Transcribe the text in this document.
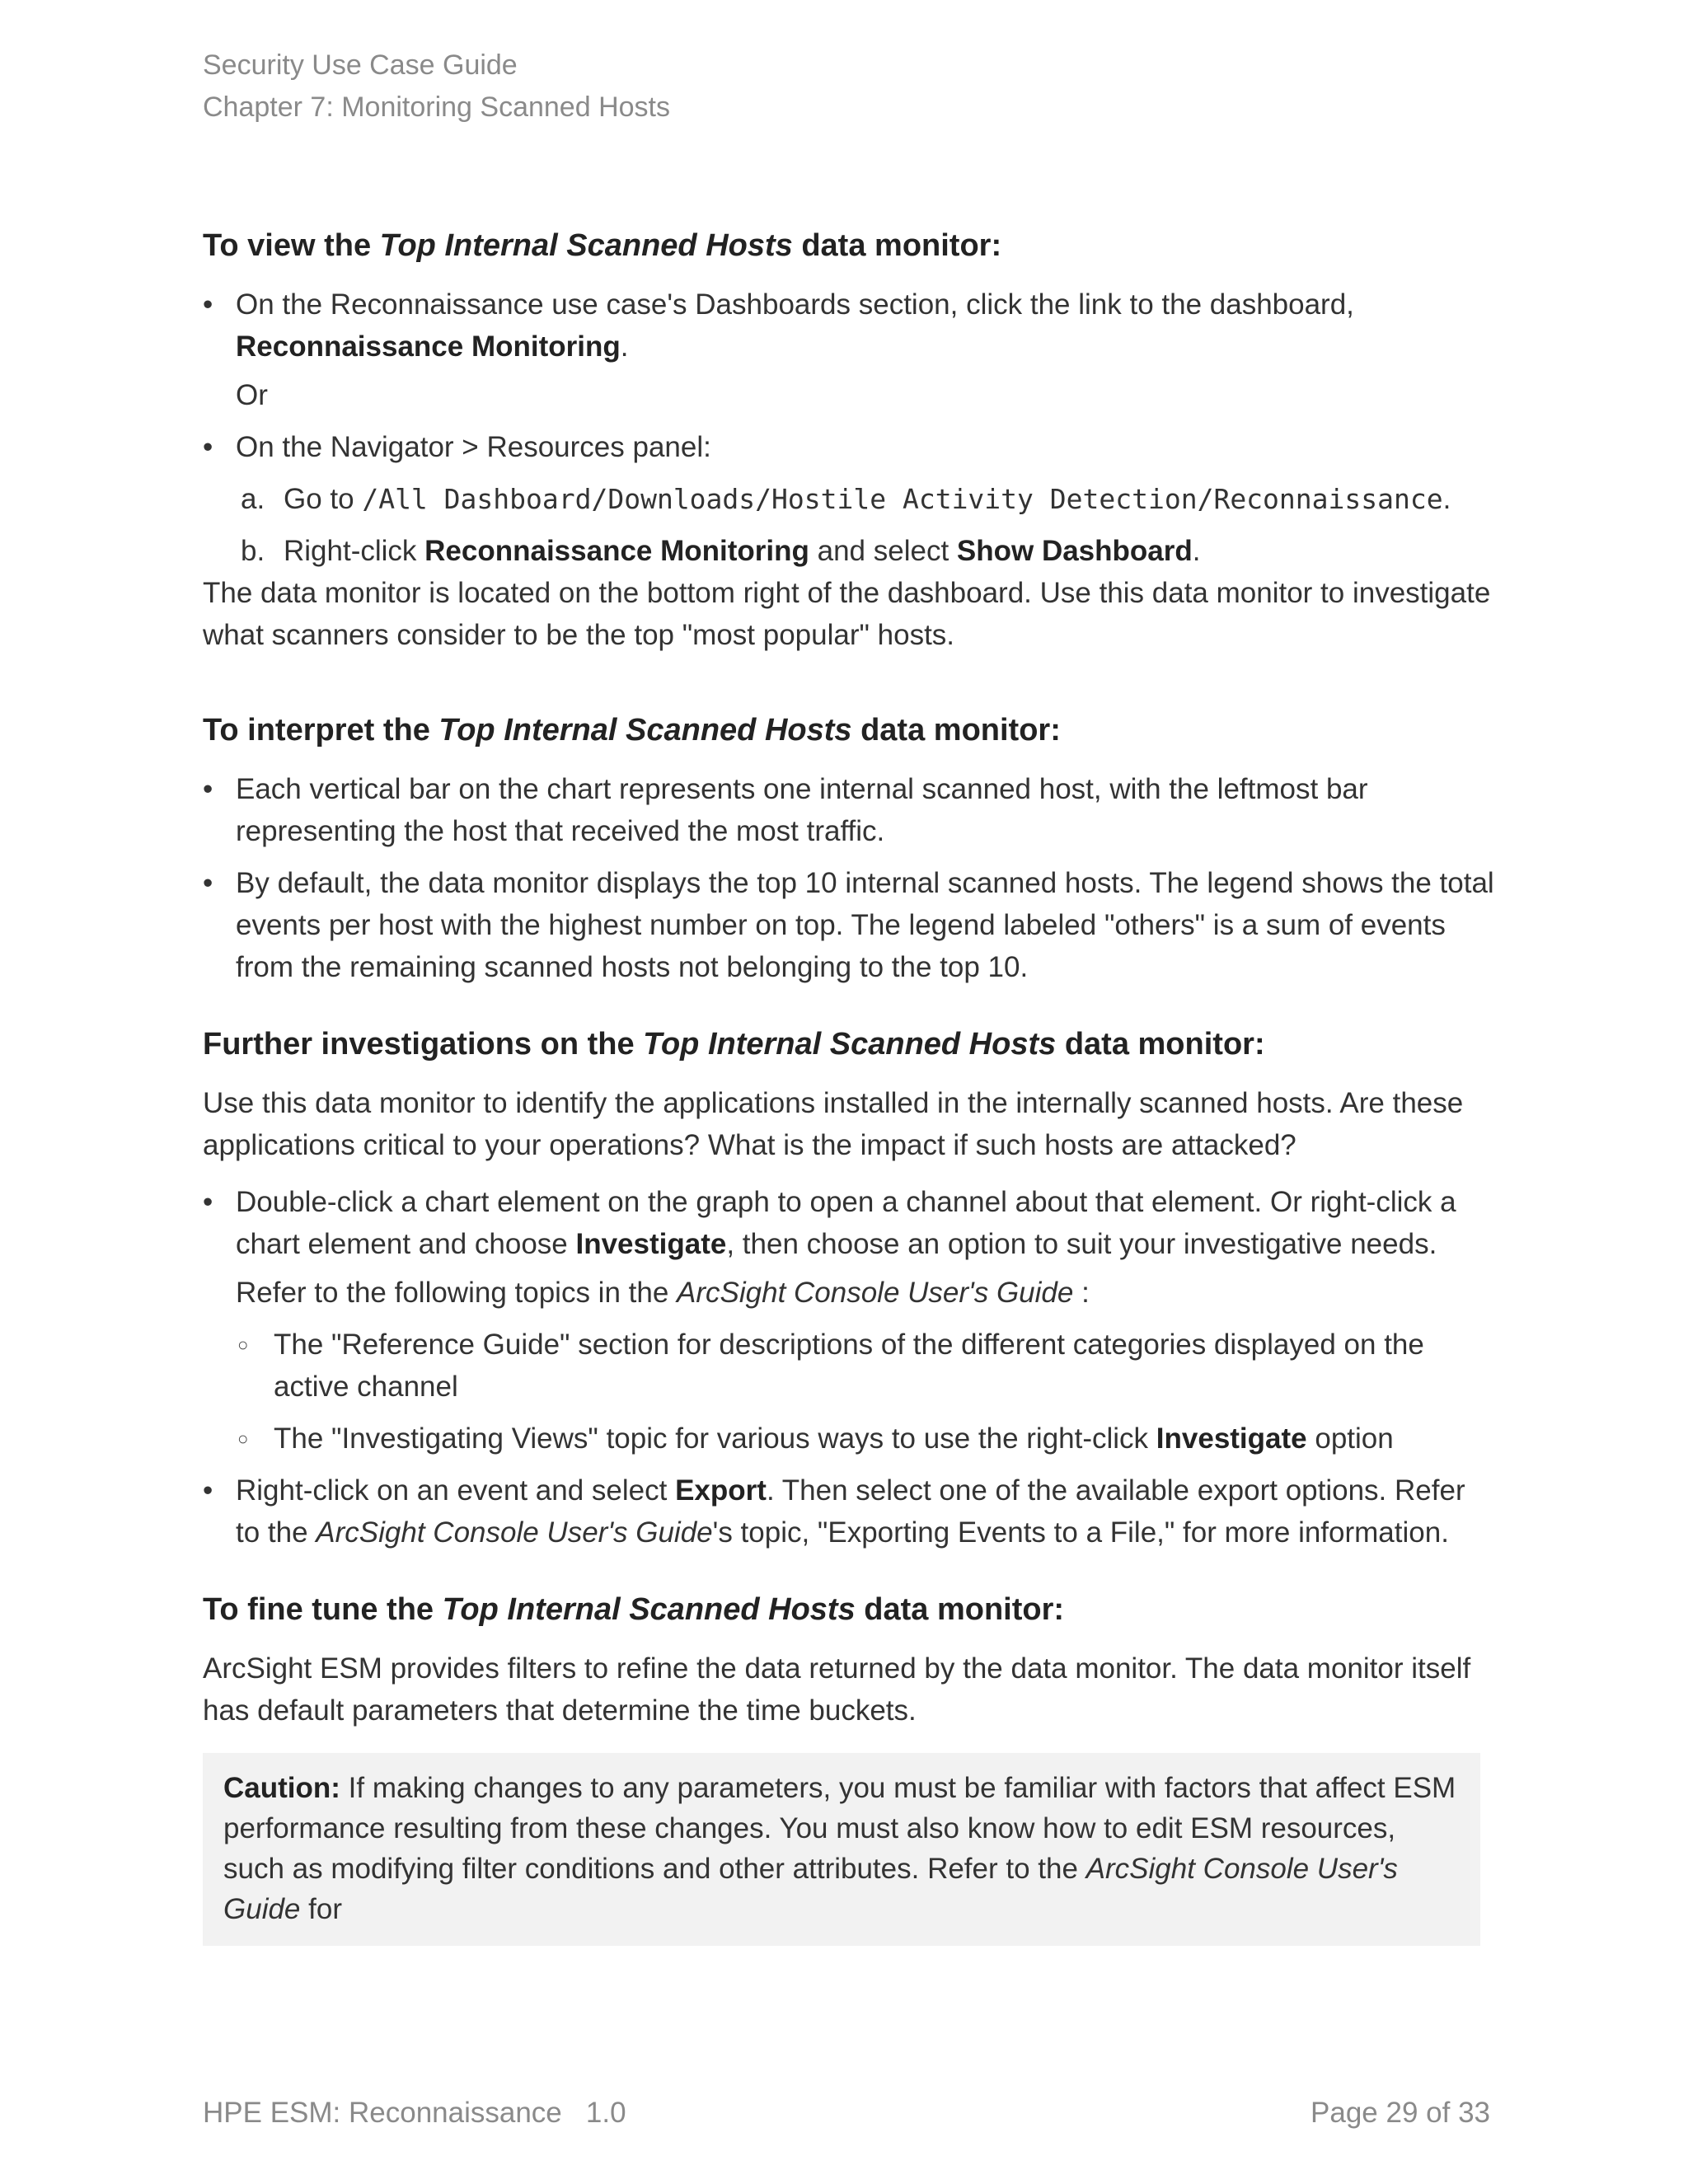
Security Use Case Guide
Chapter 7: Monitoring Scanned Hosts
To view the Top Internal Scanned Hosts data monitor:
• On the Reconnaissance use case's Dashboards section, click the link to the dashboard, Reconnaissance Monitoring.
Or
• On the Navigator > Resources panel:
a. Go to /All Dashboard/Downloads/Hostile Activity Detection/Reconnaissance.
b. Right-click Reconnaissance Monitoring and select Show Dashboard.

The data monitor is located on the bottom right of the dashboard. Use this data monitor to investigate what scanners consider to be the top "most popular" hosts.

To interpret the Top Internal Scanned Hosts data monitor:
• Each vertical bar on the chart represents one internal scanned host, with the leftmost bar representing the host that received the most traffic.
• By default, the data monitor displays the top 10 internal scanned hosts. The legend shows the total events per host with the highest number on top. The legend labeled "others" is a sum of events from the remaining scanned hosts not belonging to the top 10.
Further investigations on the Top Internal Scanned Hosts data monitor:

Use this data monitor to identify the applications installed in the internally scanned hosts. Are these applications critical to your operations? What is the impact if such hosts are attacked?

• Double-click a chart element on the graph to open a channel about that element. Or right-click a chart element and choose Investigate, then choose an option to suit your investigative needs.
Refer to the following topics in the ArcSight Console User's Guide :
○ The "Reference Guide" section for descriptions of the different categories displayed on the active channel
○ The "Investigating Views" topic for various ways to use the right-click Investigate option
• Right-click on an event and select Export. Then select one of the available export options. Refer to the ArcSight Console User's Guide's topic, "Exporting Events to a File," for more information.
To fine tune the Top Internal Scanned Hosts data monitor:

ArcSight ESM provides filters to refine the data returned by the data monitor. The data monitor itself has default parameters that determine the time buckets.

Caution: If making changes to any parameters, you must be familiar with factors that affect ESM performance resulting from these changes. You must also know how to edit ESM resources, such as modifying filter conditions and other attributes. Refer to the ArcSight Console User's Guide for
HPE ESM: Reconnaissance   1.0	Page 29 of 33
